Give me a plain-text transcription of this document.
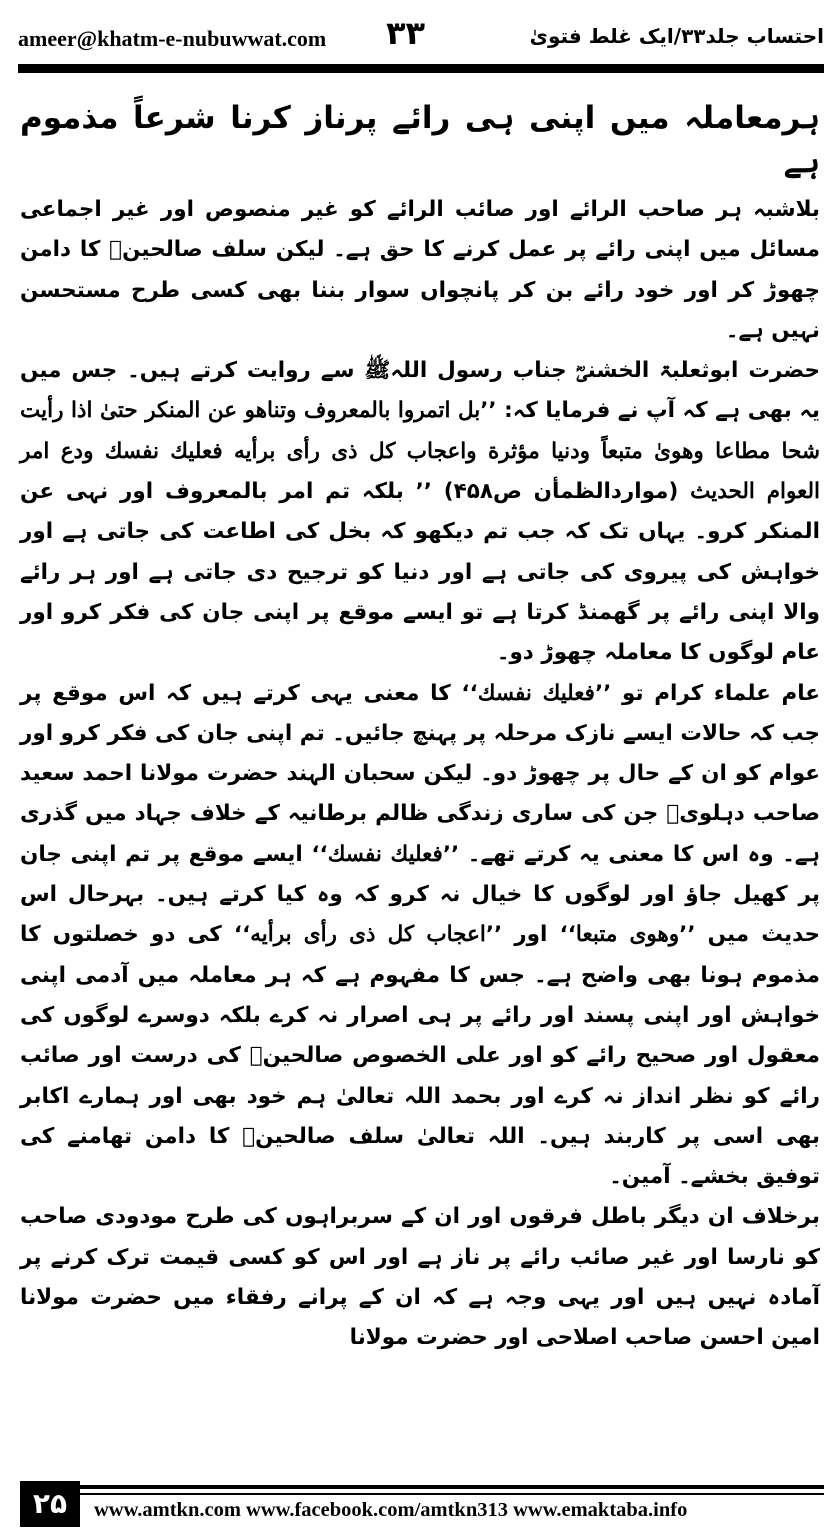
ameer@khatm-e-nubuwwat.com ۳۳	احتساب جلد۳۳/ایک غلط فتویٰ
ہرمعاملہ میں اپنی ہی رائے پرناز کرنا شرعاً مذموم ہے

بلاشبہ ہر صاحب الرائے اور صائب الرائے کو غیر منصوص اور غیر اجماعی مسائل میں اپنی رائے پر عمل کرنے کا حق ہے۔ لیکن سلف صالحینؒ کا دامن چھوڑ کر اور خود رائے بن کر پانچواں سوار بننا بھی کسی طرح مستحسن نہیں ہے۔

حضرت ابوثعلبۃ الخشنیؓ جناب رسول اللہﷺ سے روایت کرتے ہیں۔ جس میں یہ بھی ہے کہ آپ نے فرمایا کہ: ’’بل اتمروا بالمعروف وتناهو عن المنكر حتىٰ اذا رأيت شحا مطاعا وهوىٰ متبعاً ودنيا مؤثرة واعجاب كل ذى رأى برأيه فعليك نفسك ودع امر العوام الحديث (مواردالظمأن ص۴۵۸) ’’ بلکہ تم امر بالمعروف اور نہی عن المنکر کرو۔ یہاں تک کہ جب تم دیکھو کہ بخل کی اطاعت کی جاتی ہے اور خواہش کی پیروی کی جاتی ہے اور دنیا کو ترجیح دی جاتی ہے اور ہر رائے والا اپنی رائے پر گھمنڈ کرتا ہے تو ایسے موقع پر اپنی جان کی فکر کرو اور عام لوگوں کا معاملہ چھوڑ دو۔

عام علماء کرام تو ’’فعليك نفسك‘‘ کا معنی یہی کرتے ہیں کہ اس موقع پر جب کہ حالات ایسے نازک مرحلہ پر پہنچ جائیں۔ تم اپنی جان کی فکر کرو اور عوام کو ان کے حال پر چھوڑ دو۔ لیکن سحبان الہند حضرت مولانا احمد سعید صاحب دہلویؒ جن کی ساری زندگی ظالم برطانیہ کے خلاف جہاد میں گذری ہے۔ وہ اس کا معنی یہ کرتے تھے۔ ’’فعليك نفسك‘‘ ایسے موقع پر تم اپنی جان پر کھیل جاؤ اور لوگوں کا خیال نہ کرو کہ وہ کیا کرتے ہیں۔ بہرحال اس حدیث میں ’’وهوى متبعا‘‘ اور ’’اعجاب كل ذى رأى برأيه‘‘ کی دو خصلتوں کا مذموم ہونا بھی واضح ہے۔ جس کا مفہوم ہے کہ ہر معاملہ میں آدمی اپنی خواہش اور اپنی پسند اور رائے پر ہی اصرار نہ کرے بلکہ دوسرے لوگوں کی معقول اور صحیح رائے کو اور علی الخصوص صالحینؒ کی درست اور صائب رائے کو نظر انداز نہ کرے اور بحمد اللہ تعالیٰ ہم خود بھی اور ہمارے اکابر بھی اسی پر کاربند ہیں۔ اللہ تعالیٰ سلف صالحینؒ کا دامن تھامنے کی توفیق بخشے۔ آمین۔

برخلاف ان دیگر باطل فرقوں اور ان کے سربراہوں کی طرح مودودی صاحب کو نارسا اور غیر صائب رائے پر ناز ہے اور اس کو کسی قیمت ترک کرنے پر آمادہ نہیں ہیں اور یہی وجہ ہے کہ ان کے پرانے رفقاء میں حضرت مولانا امین احسن صاحب اصلاحی اور حضرت مولانا

۲۵	www.amtkn.com www.facebook.com/amtkn313 www.emaktaba.info
